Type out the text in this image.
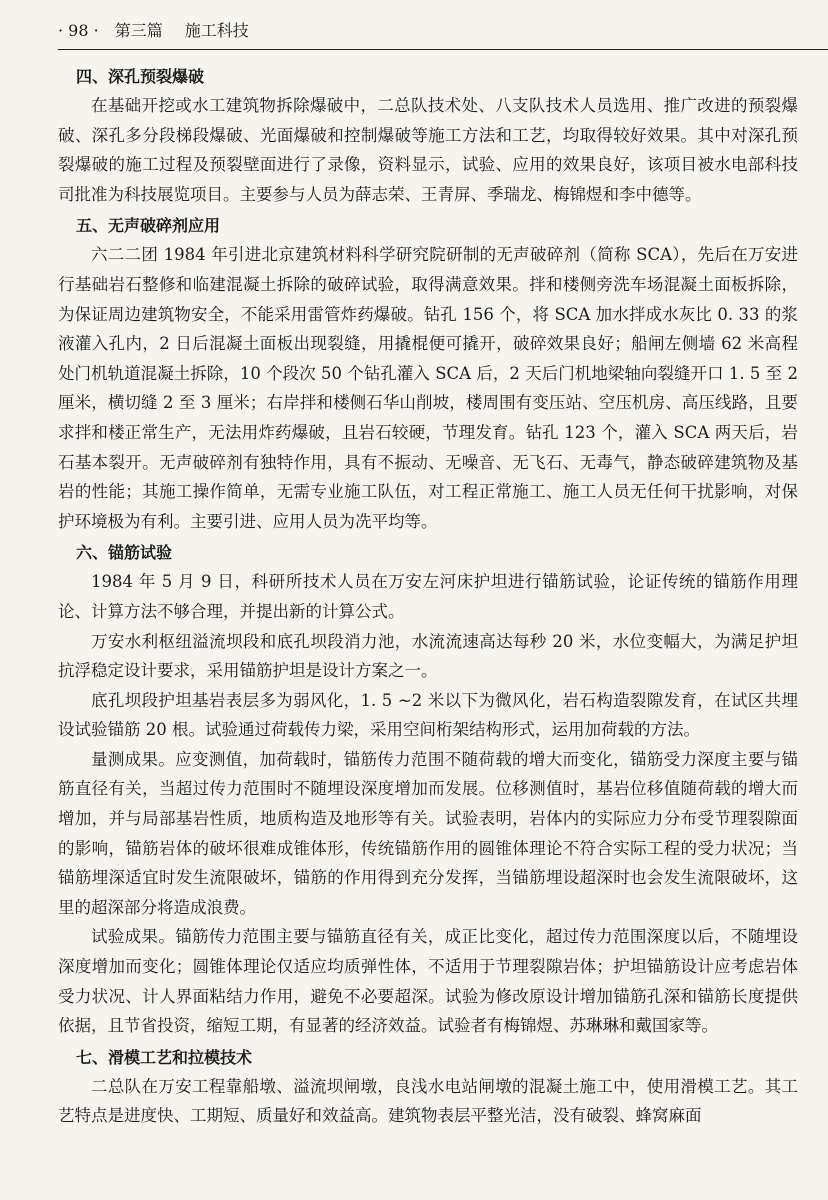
· 98 · 第三篇 施工科技
四、深孔预裂爆破

在基础开挖或水工建筑物拆除爆破中，二总队技术处、八支队技术人员选用、推广改进的预裂爆破、深孔多分段梯段爆破、光面爆破和控制爆破等施工方法和工艺，均取得较好效果。其中对深孔预裂爆破的施工过程及预裂壁面进行了录像，资料显示，试验、应用的效果良好，该项目被水电部科技司批准为科技展览项目。主要参与人员为薛志荣、王青屏、季瑞龙、梅锦煜和李中德等。

五、无声破碎剂应用

六二二团 1984 年引进北京建筑材料科学研究院研制的无声破碎剂（简称 SCA），先后在万安进行基础岩石整修和临建混凝土拆除的破碎试验，取得满意效果。拌和楼侧旁洗车场混凝土面板拆除，为保证周边建筑物安全，不能采用雷管炸药爆破。钻孔 156 个，将 SCA 加水拌成水灰比 0. 33 的浆液灌入孔内，2 日后混凝土面板出现裂缝，用撬棍便可撬开，破碎效果良好；船闸左侧墙 62 米高程处门机轨道混凝土拆除，10 个段次 50 个钻孔灌入 SCA 后，2 天后门机地梁轴向裂缝开口 1. 5 至 2 厘米，横切缝 2 至 3 厘米；右岸拌和楼侧石华山削坡，楼周围有变压站、空压机房、高压线路，且要求拌和楼正常生产，无法用炸药爆破，且岩石较硬，节理发育。钻孔 123 个，灌入 SCA 两天后，岩石基本裂开。无声破碎剂有独特作用，具有不振动、无噪音、无飞石、无毒气，静态破碎建筑物及基岩的性能；其施工操作简单，无需专业施工队伍，对工程正常施工、施工人员无任何干扰影响，对保护环境极为有利。主要引进、应用人员为冼平均等。

六、锚筋试验

1984 年 5 月 9 日，科研所技术人员在万安左河床护坦进行锚筋试验，论证传统的锚筋作用理论、计算方法不够合理，并提出新的计算公式。

万安水利枢纽溢流坝段和底孔坝段消力池，水流流速高达每秒 20 米，水位变幅大，为满足护坦抗浮稳定设计要求，采用锚筋护坦是设计方案之一。

底孔坝段护坦基岩表层多为弱风化，1. 5 ~2 米以下为微风化，岩石构造裂隙发育，在试区共埋设试验锚筋 20 根。试验通过荷载传力梁，采用空间桁架结构形式，运用加荷载的方法。

量测成果。应变测值，加荷载时，锚筋传力范围不随荷载的增大而变化，锚筋受力深度主要与锚筋直径有关，当超过传力范围时不随埋设深度增加而发展。位移测值时，基岩位移值随荷载的增大而增加，并与局部基岩性质，地质构造及地形等有关。试验表明，岩体内的实际应力分布受节理裂隙面的影响，锚筋岩体的破坏很难成锥体形，传统锚筋作用的圆锥体理论不符合实际工程的受力状况；当锚筋埋深适宜时发生流限破坏，锚筋的作用得到充分发挥，当锚筋埋设超深时也会发生流限破坏，这里的超深部分将造成浪费。

试验成果。锚筋传力范围主要与锚筋直径有关，成正比变化，超过传力范围深度以后，不随埋设深度增加而变化；圆锥体理论仅适应均质弹性体，不适用于节理裂隙岩体；护坦锚筋设计应考虑岩体受力状况、计人界面粘结力作用，避免不必要超深。试验为修改原设计增加锚筋孔深和锚筋长度提供依据，且节省投资，缩短工期，有显著的经济效益。试验者有梅锦煜、苏琳琳和戴国家等。

七、滑模工艺和拉模技术

二总队在万安工程靠船墩、溢流坝闸墩，良浅水电站闸墩的混凝土施工中，使用滑模工艺。其工艺特点是进度快、工期短、质量好和效益高。建筑物表层平整光洁，没有破裂、蜂窝麻面
